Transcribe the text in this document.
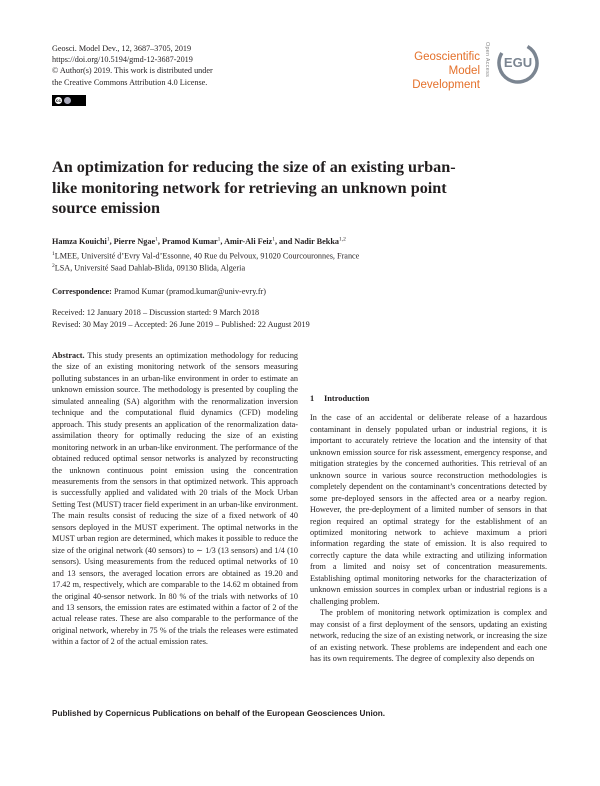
Geosci. Model Dev., 12, 3687–3705, 2019
https://doi.org/10.5194/gmd-12-3687-2019
© Author(s) 2019. This work is distributed under
the Creative Commons Attribution 4.0 License.
cc
Geoscientific
Model Development
Open Access EGU
An optimization for reducing the size of an existing urban-like monitoring network for retrieving an unknown point source emission
Hamza Kouichi$^1$, Pierre Ngae$^1$, Pramod Kumar$^1$, Amir-Ali Feiz$^1$, and Nadir Bekka$^{1,2}$
$^1$LMEE, Université d’Evry Val-d’Essonne, 40 Rue du Pelvoux, 91020 Courcouronnes, France
$^2$LSA, Université Saad Dahlab-Blida, 09130 Blida, Algeria
Correspondence: Pramod Kumar (pramod.kumar@univ-evry.fr)
Received: 12 January 2018 – Discussion started: 9 March 2018
Revised: 30 May 2019 – Accepted: 26 June 2019 – Published: 22 August 2019
Abstract. This study presents an optimization methodology for reducing the size of an existing monitoring network of the sensors measuring polluting substances in an urban-like environment in order to estimate an unknown emission source. The methodology is presented by coupling the simulated annealing (SA) algorithm with the renormalization inversion technique and the computational fluid dynamics (CFD) modeling approach. This study presents an application of the renormalization data-assimilation theory for optimally reducing the size of an existing monitoring network in an urban-like environment. The performance of the obtained reduced optimal sensor networks is analyzed by reconstructing the unknown continuous point emission using the concentration measurements from the sensors in that optimized network. This approach is successfully applied and validated with 20 trials of the Mock Urban Setting Test (MUST) tracer field experiment in an urban-like environment. The main results consist of reducing the size of a fixed network of 40 sensors deployed in the MUST experiment. The optimal networks in the MUST urban region are determined, which makes it possible to reduce the size of the original network (40 sensors) to ∼ 1/3 (13 sensors) and 1/4 (10 sensors). Using measurements from the reduced optimal networks of 10 and 13 sensors, the averaged location errors are obtained as 19.20 and 17.42 m, respectively, which are comparable to the 14.62 m obtained from the original 40-sensor network. In 80 % of the trials with networks of 10 and 13 sensors, the emission rates are estimated within a factor of 2 of the actual release rates. These are also comparable to the performance of the original network, whereby in 75 % of the trials the releases were estimated within a factor of 2 of the actual emission rates.
1 Introduction
In the case of an accidental or deliberate release of a hazardous contaminant in densely populated urban or industrial regions, it is important to accurately retrieve the location and the intensity of that unknown emission source for risk assessment, emergency response, and mitigation strategies by the concerned authorities. This retrieval of an unknown source in various source reconstruction methodologies is completely dependent on the contaminant’s concentrations detected by some pre-deployed sensors in the affected area or a nearby region. However, the pre-deployment of a limited number of sensors in that region required an optimal strategy for the establishment of an optimized monitoring network to achieve maximum a priori information regarding the state of emission. It is also required to correctly capture the data while extracting and utilizing information from a limited and noisy set of concentration measurements. Establishing optimal monitoring networks for the characterization of unknown emission sources in complex urban or industrial regions is a challenging problem.
The problem of monitoring network optimization is complex and may consist of a first deployment of the sensors, updating an existing network, reducing the size of an existing network, or increasing the size of an existing network. These problems are independent and each one has its own requirements. The degree of complexity also depends on
Published by Copernicus Publications on behalf of the European Geosciences Union.
